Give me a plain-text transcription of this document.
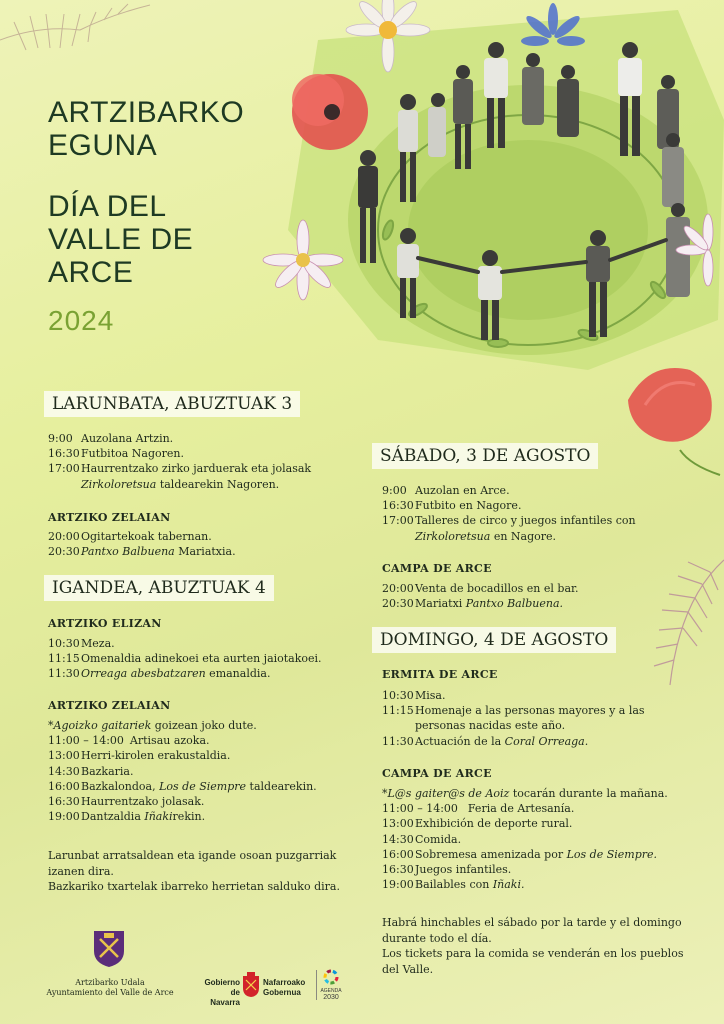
ARTZIBARKO
EGUNA
DÍA DEL
VALLE DE
ARCE
2024
LARUNBATA, ABUZTUAK 3
9:00 Auzolana Artzin.
16:30 Futbitoa Nagoren.
17:00 Haurrentzako zirko jarduerak eta jolasak
Zirkoloretsua taldearekin Nagoren.
ARTZIKO ZELAIAN
20:00 Ogitartekoak tabernan.
20:30 Pantxo Balbuena Mariatxia.
IGANDEA, ABUZTUAK 4
ARTZIKO ELIZAN
10:30 Meza.
11:15 Omenaldia adinekoei eta aurten jaiotakoei.
11:30 Orreaga abesbatzaren emanaldia.
ARTZIKO ZELAIAN
*Agoizko gaitariek goizean joko dute.
11:00 – 14:00 Artisau azoka.
13:00 Herri-kirolen erakustaldia.
14:30 Bazkaria.
16:00 Bazkalondoa, Los de Siempre taldearekin.
16:30 Haurrentzako jolasak.
19:00 Dantzaldia Iñakirekin.
Larunbat arratsaldean eta igande osoan puzgarriak
izanen dira.
Bazkariko txartelak ibarreko herrietan salduko dira.
SÁBADO, 3 DE AGOSTO
9:00 Auzolan en Arce.
16:30 Futbito en Nagore.
17:00 Talleres de circo y juegos infantiles con
Zirkoloretsua en Nagore.
CAMPA DE ARCE
20:00 Venta de bocadillos en el bar.
20:30 Mariatxi Pantxo Balbuena.
DOMINGO, 4 DE AGOSTO
ERMITA DE ARCE
10:30 Misa.
11:15 Homenaje a las personas mayores y a las
personas nacidas este año.
11:30 Actuación de la Coral Orreaga.
CAMPA DE ARCE
*L@s gaiter@s de Aoiz tocarán durante la mañana.
11:00 – 14:00 Feria de Artesanía.
13:00 Exhibición de deporte rural.
14:30 Comida.
16:00 Sobremesa amenizada por Los de Siempre.
16:30 Juegos infantiles.
19:00 Bailables con Iñaki.
Habrá hinchables el sábado por la tarde y el domingo
durante todo el día.
Los tickets para la comida se venderán en los pueblos
del Valle.
Artzibarko Udala
Ayuntamiento del Valle de Arce
Gobierno
de Navarra
Nafarroako
Gobernua	AGENDA
2030
